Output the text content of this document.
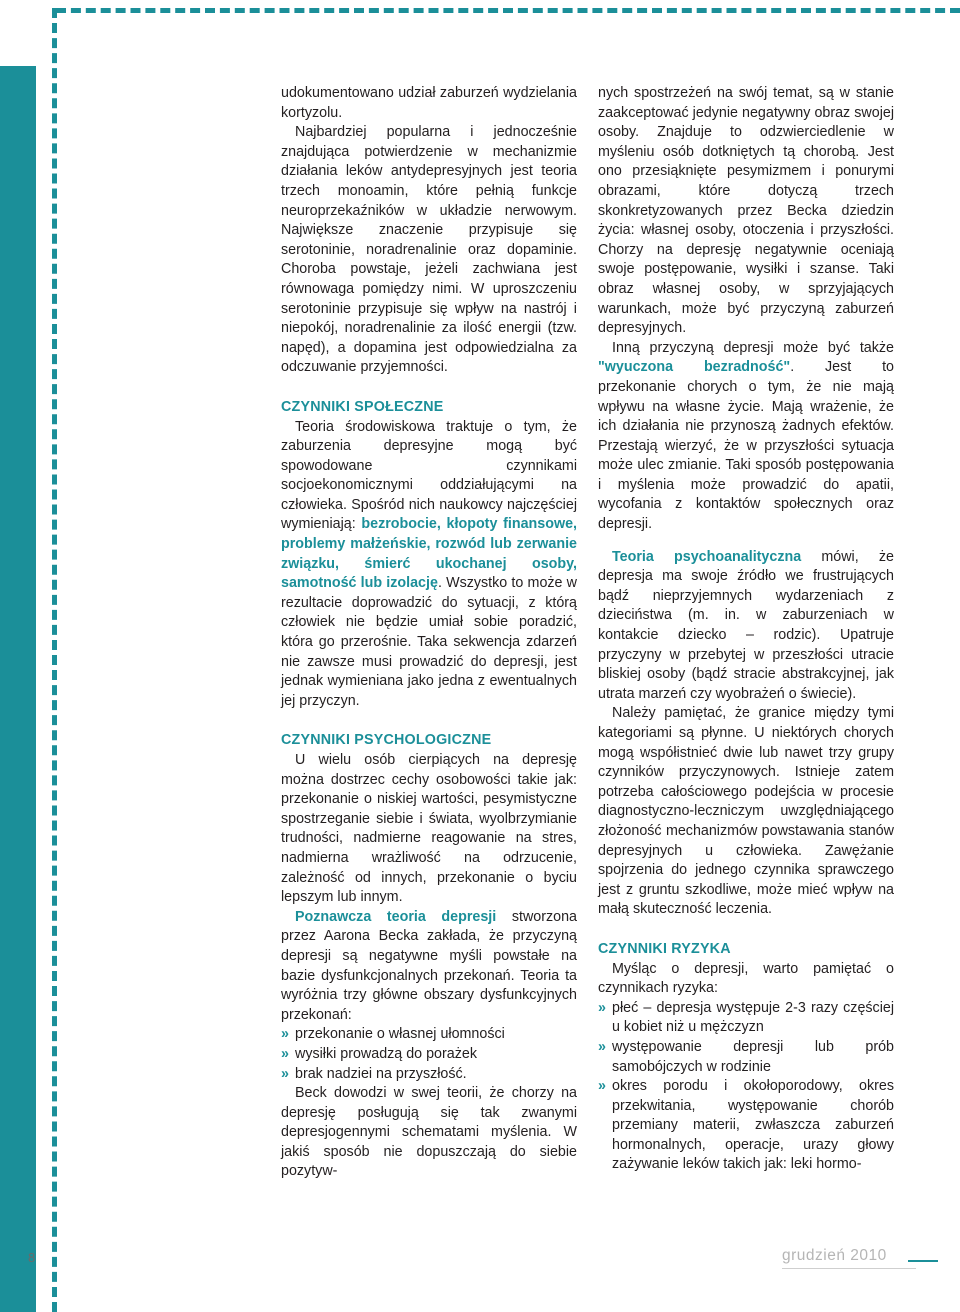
udokumentowano udział zaburzeń wydzielania kortyzolu.

Najbardziej popularna i jednocześnie znajdująca potwierdzenie w mechanizmie działania leków antydepresyjnych jest teoria trzech monoamin, które pełnią funkcje neuroprzekaźników w układzie nerwowym. Największe znaczenie przypisuje się serotoninie, noradrenalinie oraz dopaminie. Choroba powstaje, jeżeli zachwiana jest równowaga pomiędzy nimi. W uproszczeniu serotoninie przypisuje się wpływ na nastrój i niepokój, noradrenalinie za ilość energii (tzw. napęd), a dopamina jest odpowiedzialna za odczuwanie przyjemności.

CZYNNIKI SPOŁECZNE

Teoria środowiskowa traktuje o tym, że zaburzenia depresyjne mogą być spowodowane czynnikami socjoekonomicznymi oddziałującymi na człowieka. Spośród nich naukowcy najczęściej wymieniają: bezrobocie, kłopoty finansowe, problemy małżeńskie, rozwód lub zerwanie związku, śmierć ukochanej osoby, samotność lub izolację. Wszystko to może w rezultacie doprowadzić do sytuacji, z którą człowiek nie będzie umiał sobie poradzić, która go przerośnie. Taka sekwencja zdarzeń nie zawsze musi prowadzić do depresji, jest jednak wymieniana jako jedna z ewentualnych jej przyczyn.

CZYNNIKI PSYCHOLOGICZNE

U wielu osób cierpiących na depresję można dostrzec cechy osobowości takie jak: przekonanie o niskiej wartości, pesymistyczne spostrzeganie siebie i świata, wyolbrzymianie trudności, nadmierne reagowanie na stres, nadmierna wrażliwość na odrzucenie, zależność od innych, przekonanie o byciu lepszym lub innym.

Poznawcza teoria depresji stworzona przez Aarona Becka zakłada, że przyczyną depresji są negatywne myśli powstałe na bazie dysfunkcjonalnych przekonań. Teoria ta wyróżnia trzy główne obszary dysfunkcyjnych przekonań:

» przekonanie o własnej ułomności
» wysiłki prowadzą do porażek
» brak nadziei na przyszłość.

Beck dowodzi w swej teorii, że chorzy na depresję posługują się tak zwanymi depresjogennymi schematami myślenia. W jakiś sposób nie dopuszczają do siebie pozytyw-

nych spostrzeżeń na swój temat, są w stanie zaakceptować jedynie negatywny obraz swojej osoby. Znajduje to odzwierciedlenie w myśleniu osób dotkniętych tą chorobą. Jest ono przesiąknięte pesymizmem i ponurymi obrazami, które dotyczą trzech skonkretyzowanych przez Becka dziedzin życia: własnej osoby, otoczenia i przyszłości. Chorzy na depresję negatywnie oceniają swoje postępowanie, wysiłki i szanse. Taki obraz własnej osoby, w sprzyjających warunkach, może być przyczyną zaburzeń depresyjnych.

Inną przyczyną depresji może być także "wyuczona bezradność". Jest to przekonanie chorych o tym, że nie mają wpływu na własne życie. Mają wrażenie, że ich działania nie przynoszą żadnych efektów. Przestają wierzyć, że w przyszłości sytuacja może ulec zmianie. Taki sposób postępowania i myślenia może prowadzić do apatii, wycofania z kontaktów społecznych oraz depresji.

Teoria psychoanalityczna mówi, że depresja ma swoje źródło we frustrujących bądź nieprzyjemnych wydarzeniach z dzieciństwa (m. in. w zaburzeniach w kontakcie dziecko – rodzic). Upatruje przyczyny w przebytej w przeszłości utracie bliskiej osoby (bądź stracie abstrakcyjnej, jak utrata marzeń czy wyobrażeń o świecie).

Należy pamiętać, że granice między tymi kategoriami są płynne. U niektórych chorych mogą współistnieć dwie lub nawet trzy grupy czynników przyczynowych. Istnieje zatem potrzeba całościowego podejścia w procesie diagnostyczno-leczniczym uwzględniającego złożoność mechanizmów powstawania stanów depresyjnych u człowieka. Zawężanie spojrzenia do jednego czynnika sprawczego jest z gruntu szkodliwe, może mieć wpływ na małą skuteczność leczenia.

CZYNNIKI RYZYKA

Myśląc o depresji, warto pamiętać o czynnikach ryzyka:

» płeć – depresja występuje 2-3 razy częściej u kobiet niż u mężczyzn
» występowanie depresji lub prób samobójczych w rodzinie
» okres porodu i okołoporodowy, okres przekwitania, występowanie chorób przemiany materii, zwłaszcza zaburzeń hormonalnych, operacje, urazy głowy zażywanie leków takich jak: leki hormo-
8	grudzień 2010
